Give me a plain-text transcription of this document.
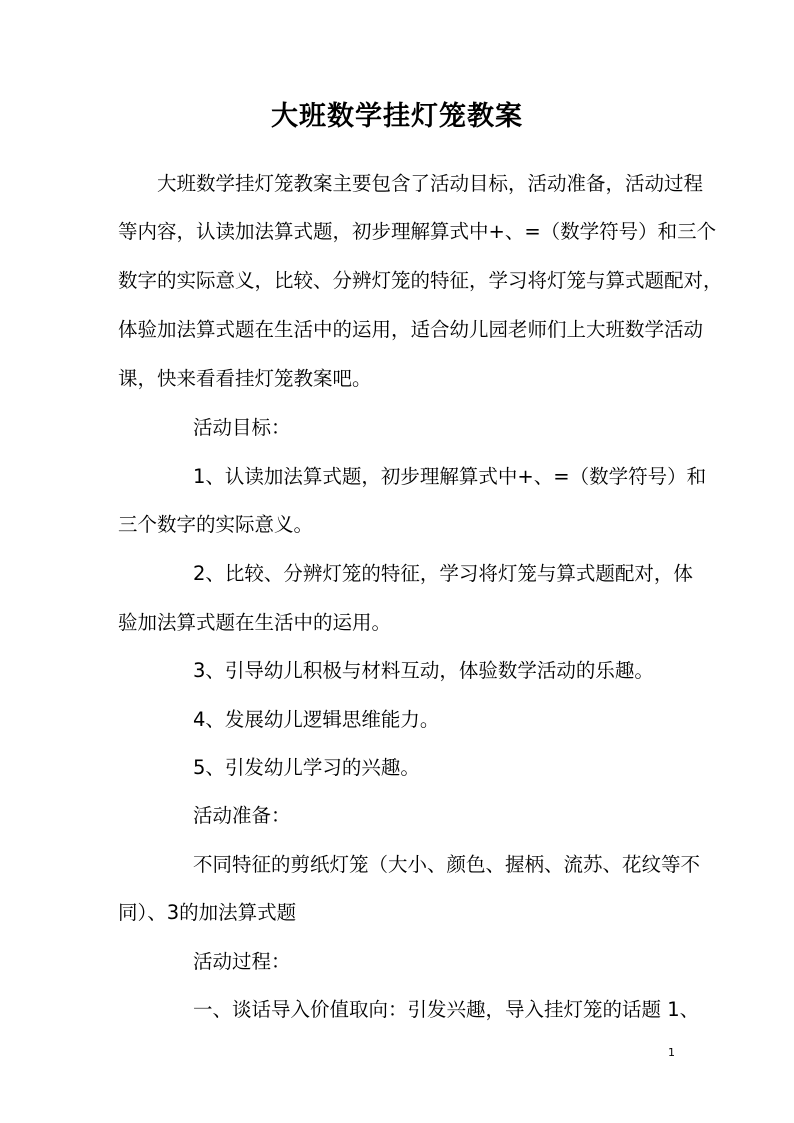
大班数学挂灯笼教案
大班数学挂灯笼教案主要包含了活动目标，活动准备，活动过程
等内容，认读加法算式题，初步理解算式中+、=（数学符号）和三个
数字的实际意义，比较、分辨灯笼的特征，学习将灯笼与算式题配对，
体验加法算式题在生活中的运用，适合幼儿园老师们上大班数学活动
课，快来看看挂灯笼教案吧。
活动目标：
1、认读加法算式题，初步理解算式中+、=（数学符号）和
三个数字的实际意义。
2、比较、分辨灯笼的特征，学习将灯笼与算式题配对，体
验加法算式题在生活中的运用。
3、引导幼儿积极与材料互动，体验数学活动的乐趣。
4、发展幼儿逻辑思维能力。
5、引发幼儿学习的兴趣。
活动准备：
不同特征的剪纸灯笼（大小、颜色、握柄、流苏、花纹等不
同）、3的加法算式题
活动过程：
一、谈话导入价值取向：引发兴趣，导入挂灯笼的话题 1、
1
